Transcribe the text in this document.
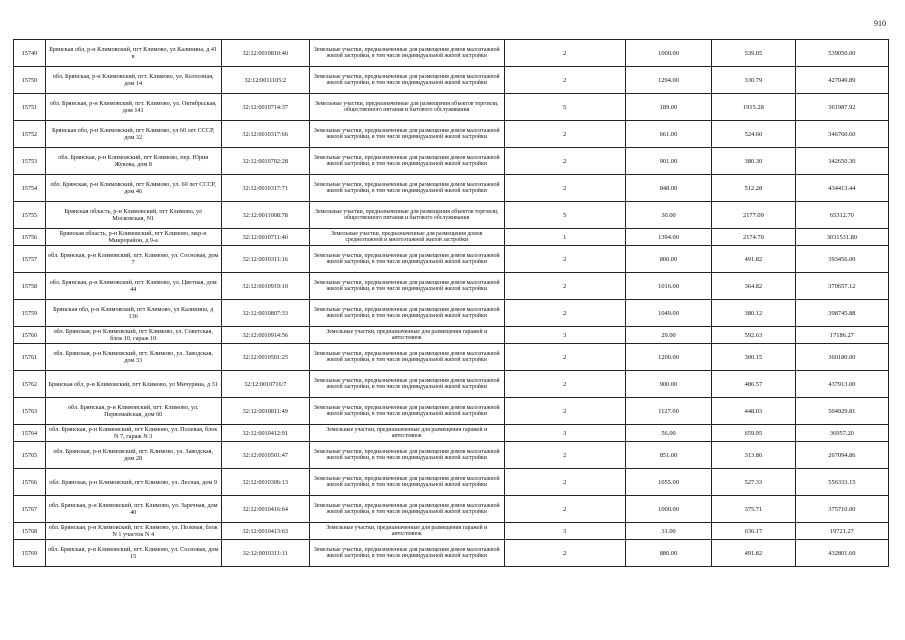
910
15749	Брянская обл, р-н Климовский, пгт Климово, ул Калинина, д 41 в	32:12:0010810:40	Земельные участки, предназначенные для размещения домов малоэтажной жилой застройки, в том числе индивидуальной жилой застройки	2	1000.00	539.05	539050.00
15750	обл. Брянская, р-н Климовский, пгт. Климово, ул. Колхозная, дом 14	32:12:0011105:2	Земельные участки, предназначенные для размещения домов малоэтажной жилой застройки, в том числе индивидуальной жилой застройки	2	1294.00	330.79	427049.89
15751	обл. Брянская, р-н Климовский, пгт. Климово, ул. Октябрьская, дом 141	32:12:0010714:37	Земельные участки, предназначенные для размещения объектов торговли, общественного питания и бытового обслуживания	5	189.00	1915.28	361987.92
15752	Брянская обл, р-н Климовский, пгт Климово, ул 60 лет СССР, дом 32	32:12:0010317:66	Земельные участки, предназначенные для размещения домов малоэтажной жилой застройки, в том числе индивидуальной жилой застройки	2	661.00	524.60	346760.60
15753	обл. Брянская, р-н Климовский, пгт Климово, пер. Юрия Жукова, дом 8	32:12:0010702:28	Земельные участки, предназначенные для размещения домов малоэтажной жилой застройки, в том числе индивидуальной жилой застройки	2	901.00	380.30	342650.30
15754	обл. Брянская, р-н Климовский, пгт Климово, ул. 60 лет СССР, дом 46	32:12:0010317:71	Земельные участки, предназначенные для размещения домов малоэтажной жилой застройки, в том числе индивидуальной жилой застройки	2	848.00	512.28	434413.44
15755	Брянская область, р-н Климовский, пгт Климово, ул Московская, N1	32:12:0011008:78	Земельные участки, предназначенные для размещения объектов торговли, общественного питания и бытового обслуживания	5	30.00	2177.09	65312.70
15756	Брянская область, р-н Климовский, пгт Климово, мкр-н Микрорайон, д 9-а	32:12:0010711:40	Земельные участки, предназначенные для размещения домов среднеэтажной и многоэтажной жилой застройки	1	1394.00	2174.70	3031531.80
15757	обл. Брянская, р-н Климовский, пгт. Климово, ул. Сосновая, дом 7	32:12:0010311:16	Земельные участки, предназначенные для размещения домов малоэтажной жилой застройки, в том числе индивидуальной жилой застройки	2	800.00	491.82	393456.00
15758	обл. Брянская, р-н Климовский, пгт. Климово, ул. Цветная, дом 44	32:12:0010919:10	Земельные участки, предназначенные для размещения домов малоэтажной жилой застройки, в том числе индивидуальной жилой застройки	2	1016.00	364.82	370657.12
15759	Брянская обл, р-н Климовский, пгт Климово, ул Калинина, д 136	32:12:0010807:33	Земельные участки, предназначенные для размещения домов малоэтажной жилой застройки, в том числе индивидуальной жилой застройки	2	1049.00	380.12	398745.88
15760	обл. Брянская, р-н Климовский, пгт Климово, ул. Советская, блок 10, гараж 10	32:12:0010914:56	Земельные участки, предназначенные для размещения гаражей и автостоянок	3	29.00	592.63	17186.27
15761	обл. Брянская, р-н Климовский, пгт. Климово, ул. Заводская, дом 33	32:12:0010501:25	Земельные участки, предназначенные для размещения домов малоэтажной жилой застройки, в том числе индивидуальной жилой застройки	2	1200.00	300.15	360180.00
15762	Брянская обл, р-н Климовский, пгт Климово, ул Мичурина, д 31	32:12:0010716:7	Земельные участки, предназначенные для размещения домов малоэтажной жилой застройки, в том числе индивидуальной жилой застройки	2	900.00	486.57	437913.00
15763	обл. Брянская, р-н Климовский, пгт. Климово, ул. Первомайская, дом 60	32:12:0010811:49	Земельные участки, предназначенные для размещения домов малоэтажной жилой застройки, в том числе индивидуальной жилой застройки	2	1127.00	448.03	504929.81
15764	обл. Брянская, р-н Климовский, пгт Климово, ул. Полевая, блок N 7, гараж N 3	32:12:0010412:91	Земельные участки, предназначенные для размещения гаражей и автостоянок	3	56.00	659.95	36957.20
15765	обл. Брянская, р-н Климовский, пгт. Климово, ул. Заводская, дом 28	32:12:0010501:47	Земельные участки, предназначенные для размещения домов малоэтажной жилой застройки, в том числе индивидуальной жилой застройки	2	851.00	313.86	267094.86
15766	обл. Брянская, р-н Климовский, пгт Климово, ул. Лесная, дом 9	32:12:0010306:13	Земельные участки, предназначенные для размещения домов малоэтажной жилой застройки, в том числе индивидуальной жилой застройки	2	1055.00	527.33	556333.15
15767	обл. Брянская, р-н Климовский, пгт. Климово, ул. Заречная, дом 40	32:12:0010416:64	Земельные участки, предназначенные для размещения домов малоэтажной жилой застройки, в том числе индивидуальной жилой застройки	2	1000.00	375.71	375710.00
15768	обл. Брянская, р-н Климовский, пгт. Климово, ул. Полевая, блок N 1 участок N 4	32:12:0010413:63	Земельные участки, предназначенные для размещения гаражей и автостоянок	3	31.00	636.17	19721.27
15769	обл. Брянская, р-н Климовский, пгт. Климово, ул. Сосновая, дом 15	32:12:0010311:11	Земельные участки, предназначенные для размещения домов малоэтажной жилой застройки, в том числе индивидуальной жилой застройки	2	880.00	491.82	432801.60
